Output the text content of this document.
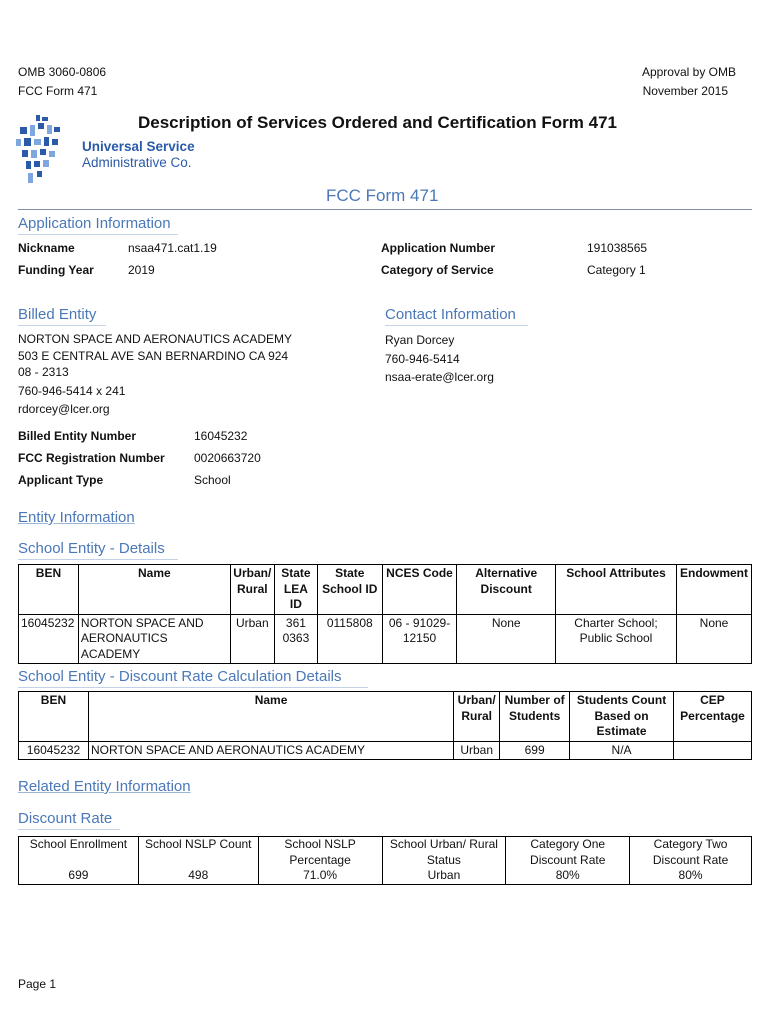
OMB 3060-0806
FCC Form 471
Approval by OMB
November 2015
Universal Service
Administrative Co.
Description of Services Ordered and Certification Form 471
FCC Form 471
Application Information
Nickname	nsaa471.cat1.19
Funding Year	2019
Application Number	191038565
Category of Service	Category 1
Billed Entity
NORTON SPACE AND AERONAUTICS ACADEMY
503 E CENTRAL AVE SAN BERNARDINO CA 924
08 - 2313
760-946-5414 x 241
rdorcey@lcer.org
Contact Information
Ryan Dorcey
760-946-5414
nsaa-erate@lcer.org
Billed Entity Number	16045232
FCC Registration Number 0020663720
Applicant Type	School
Entity Information
School Entity - Details
BEN	Name	Urban/ Rural	State LEA ID	State School ID	NCES Code	Alternative Discount	School Attributes	Endowment
16045232	NORTON SPACE AND AERONAUTICS ACADEMY	Urban	361 0363	0115808	06 - 91029- 12150	None	Charter School; Public School	None
School Entity - Discount Rate Calculation Details
BEN	Name	Urban/ Rural	Number of Students	Students Count Based on Estimate	CEP Percentage
16045232	NORTON SPACE AND AERONAUTICS ACADEMY	Urban	699	N/A	
Related Entity Information
Discount Rate
School Enrollment	School NSLP Count	School NSLP Percentage	School Urban/ Rural Status	Category One Discount Rate	Category Two Discount Rate
699	498	71.0%	Urban	80%	80%
Page 1
